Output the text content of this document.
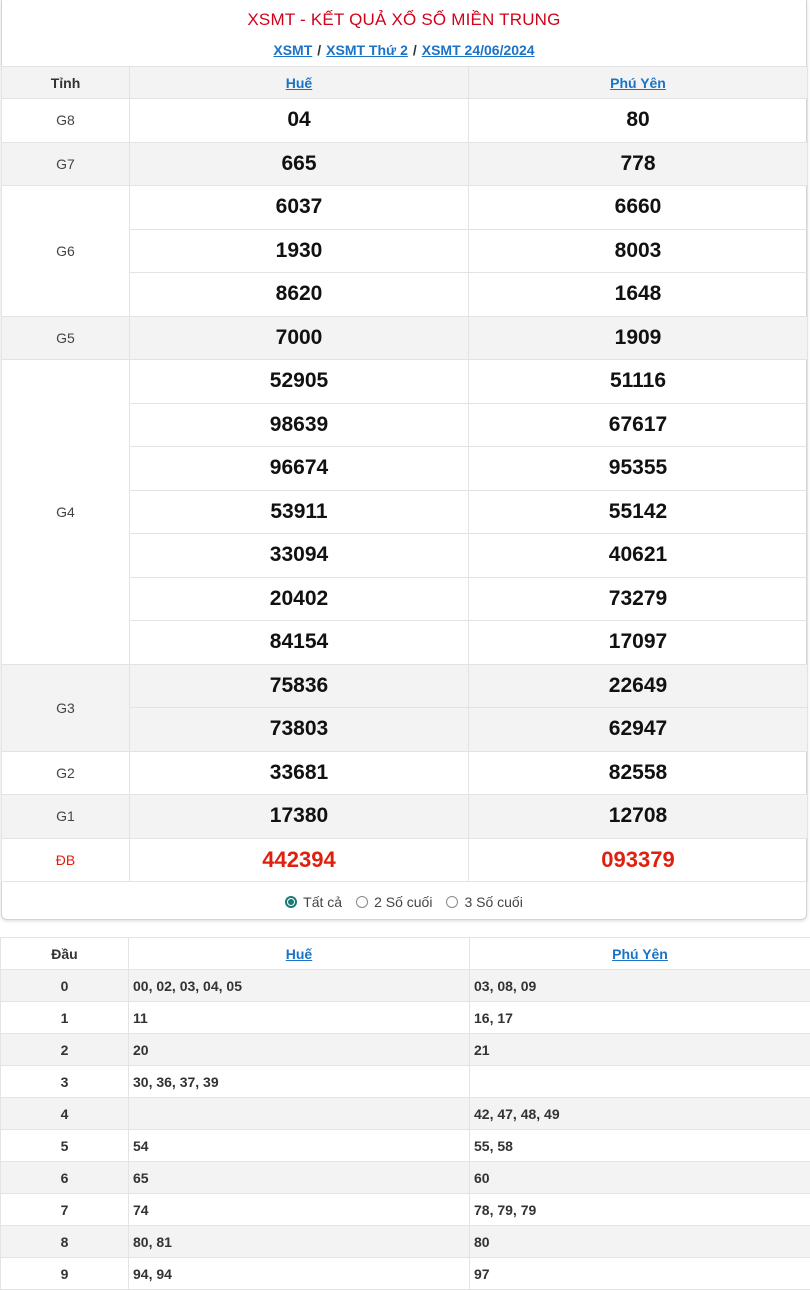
XSMT - KẾT QUẢ XỔ SỐ MIỀN TRUNG
XSMT / XSMT Thứ 2 / XSMT 24/06/2024
Tỉnh	Huế	Phú Yên
G8	04	80
G7	665	778
G6	6037	6660
	1930	8003
	8620	1648
G5	7000	1909
G4	52905	51116
	98639	67617
	96674	95355
	53911	55142
	33094	40621
	20402	73279
	84154	17097
G3	75836	22649
	73803	62947
G2	33681	82558
G1	17380	12708
ĐB	442394	093379
Tất cả 2 Số cuối 3 Số cuối
Đầu	Huế	Phú Yên
0	00, 02, 03, 04, 05	03, 08, 09
1	11	16, 17
2	20	21
3	30, 36, 37, 39	
4		42, 47, 48, 49
5	54	55, 58
6	65	60
7	74	78, 79, 79
8	80, 81	80
9	94, 94	97
